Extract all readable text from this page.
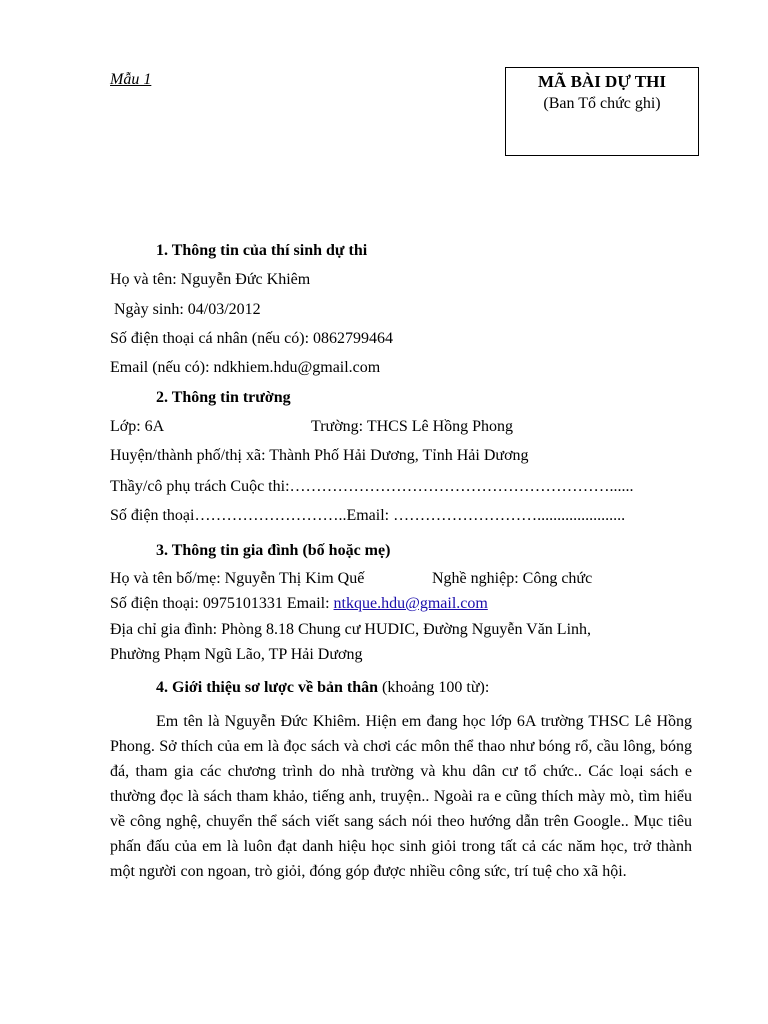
Mẫu 1	MÃ BÀI DỰ THI
(Ban Tổ chức ghi)
1. Thông tin của thí sinh dự thi
Họ và tên: Nguyễn Đức Khiêm
Ngày sinh: 04/03/2012
Số điện thoại cá nhân (nếu có): 0862799464
Email (nếu có): ndkhiem.hdu@gmail.com
2. Thông tin trường
Lớp: 6A	Trường: THCS Lê Hồng Phong
Huyện/thành phố/thị xã: Thành Phố Hải Dương, Tỉnh Hải Dương
Thầy/cô phụ trách Cuộc thi:……………………………………………………......
Số điện thoại………………………..Email: ………………………......................
3. Thông tin gia đình (bố hoặc mẹ)
Họ và tên bố/mẹ: Nguyễn Thị Kim Quế	Nghề nghiệp: Công chức
Số điện thoại: 0975101331 Email: ntkque.hdu@gmail.com
Địa chỉ gia đình: Phòng 8.18 Chung cư HUDIC, Đường Nguyễn Văn Linh,
Phường Phạm Ngũ Lão, TP Hải Dương
4. Giới thiệu sơ lược về bản thân (khoảng 100 từ):
Em tên là Nguyễn Đức Khiêm. Hiện em đang học lớp 6A trường THSC Lê Hồng Phong. Sở thích của em là đọc sách và chơi các môn thể thao như bóng rổ, cầu lông, bóng đá, tham gia các chương trình do nhà trường và khu dân cư tổ chức.. Các loại sách e thường đọc là sách tham khảo, tiếng anh, truyện.. Ngoài ra e cũng thích mày mò, tìm hiểu về công nghệ, chuyển thể sách viết sang sách nói theo hướng dẫn trên Google.. Mục tiêu phấn đấu của em là luôn đạt danh hiệu học sinh giỏi trong tất cả các năm học, trở thành một người con ngoan, trò giỏi, đóng góp được nhiều công sức, trí tuệ cho xã hội.
